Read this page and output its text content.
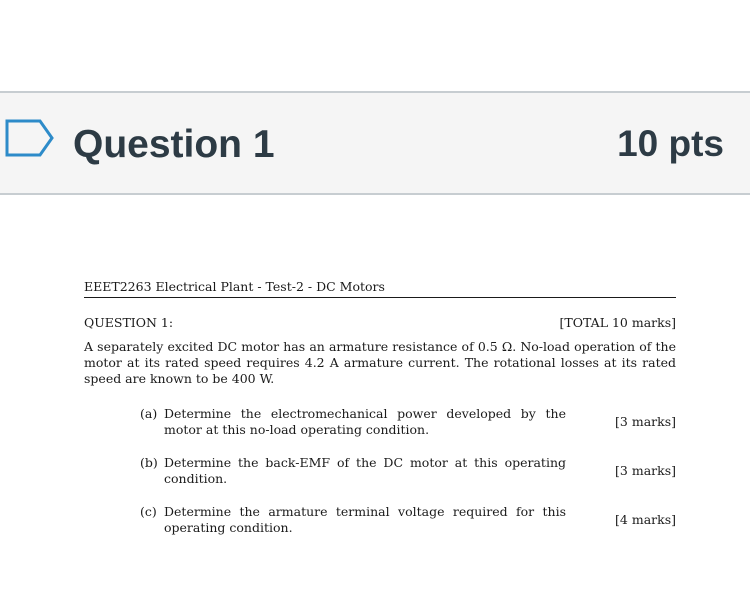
Question 1	10 pts
EEET2263 Electrical Plant - Test-2 - DC Motors
QUESTION 1:	[TOTAL 10 marks]
A separately excited DC motor has an armature resistance of 0.5 Ω. No-load operation of the motor at its rated speed requires 4.2 A armature current. The rotational losses at its rated speed are known to be 400 W.
(a) Determine the electromechanical power developed by the motor at this no-load operating condition.
[3 marks]
(b) Determine the back-EMF of the DC motor at this operating condition.
[3 marks]
(c) Determine the armature terminal voltage required for this operating condition.
[4 marks]
